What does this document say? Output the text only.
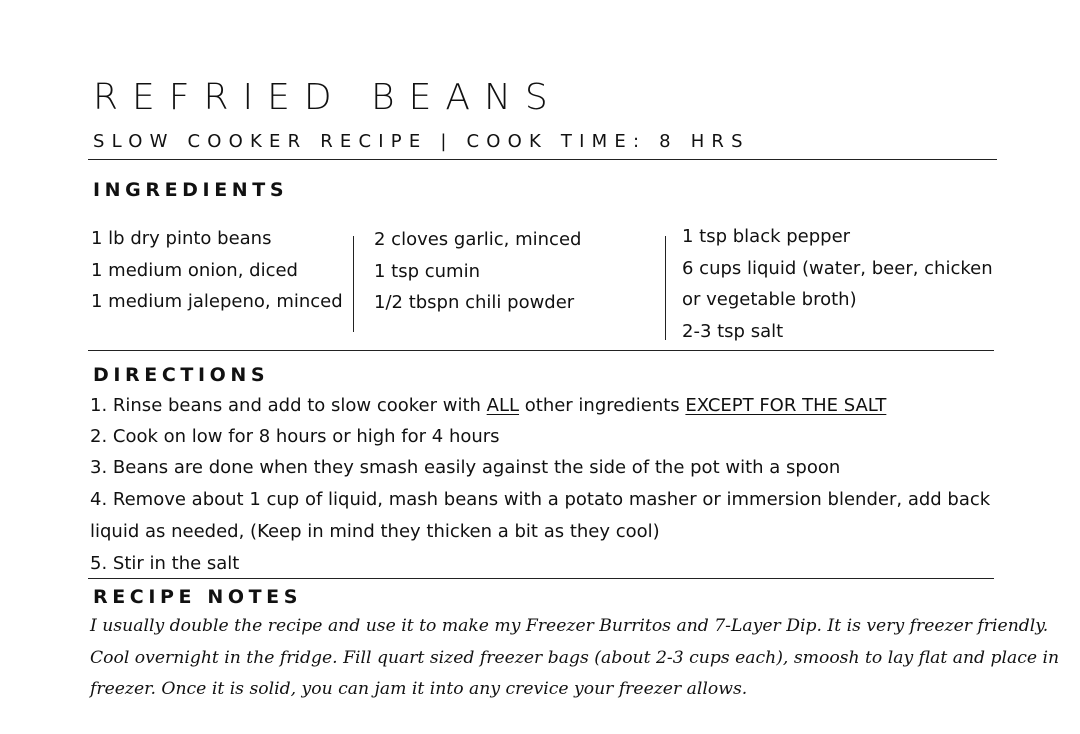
REFRIED BEANS
SLOW COOKER RECIPE | COOK TIME: 8 HRS
INGREDIENTS
1 lb dry pinto beans
1 medium onion, diced
1 medium jalepeno, minced
2 cloves garlic, minced
1 tsp cumin
1/2 tbspn chili powder
1 tsp black pepper
6 cups liquid (water, beer, chicken
or vegetable broth)
2-3 tsp salt
DIRECTIONS
1. Rinse beans and add to slow cooker with ALL other ingredients EXCEPT FOR THE SALT
2. Cook on low for 8 hours or high for 4 hours
3. Beans are done when they smash easily against the side of the pot with a spoon
4. Remove about 1 cup of liquid, mash beans with a potato masher or immersion blender, add back
liquid as needed, (Keep in mind they thicken a bit as they cool)
5. Stir in the salt
RECIPE NOTES
I usually double the recipe and use it to make my Freezer Burritos and 7-Layer Dip. It is very freezer friendly.
Cool overnight in the fridge. Fill quart sized freezer bags (about 2-3 cups each), smoosh to lay flat and place in
freezer. Once it is solid, you can jam it into any crevice your freezer allows.
